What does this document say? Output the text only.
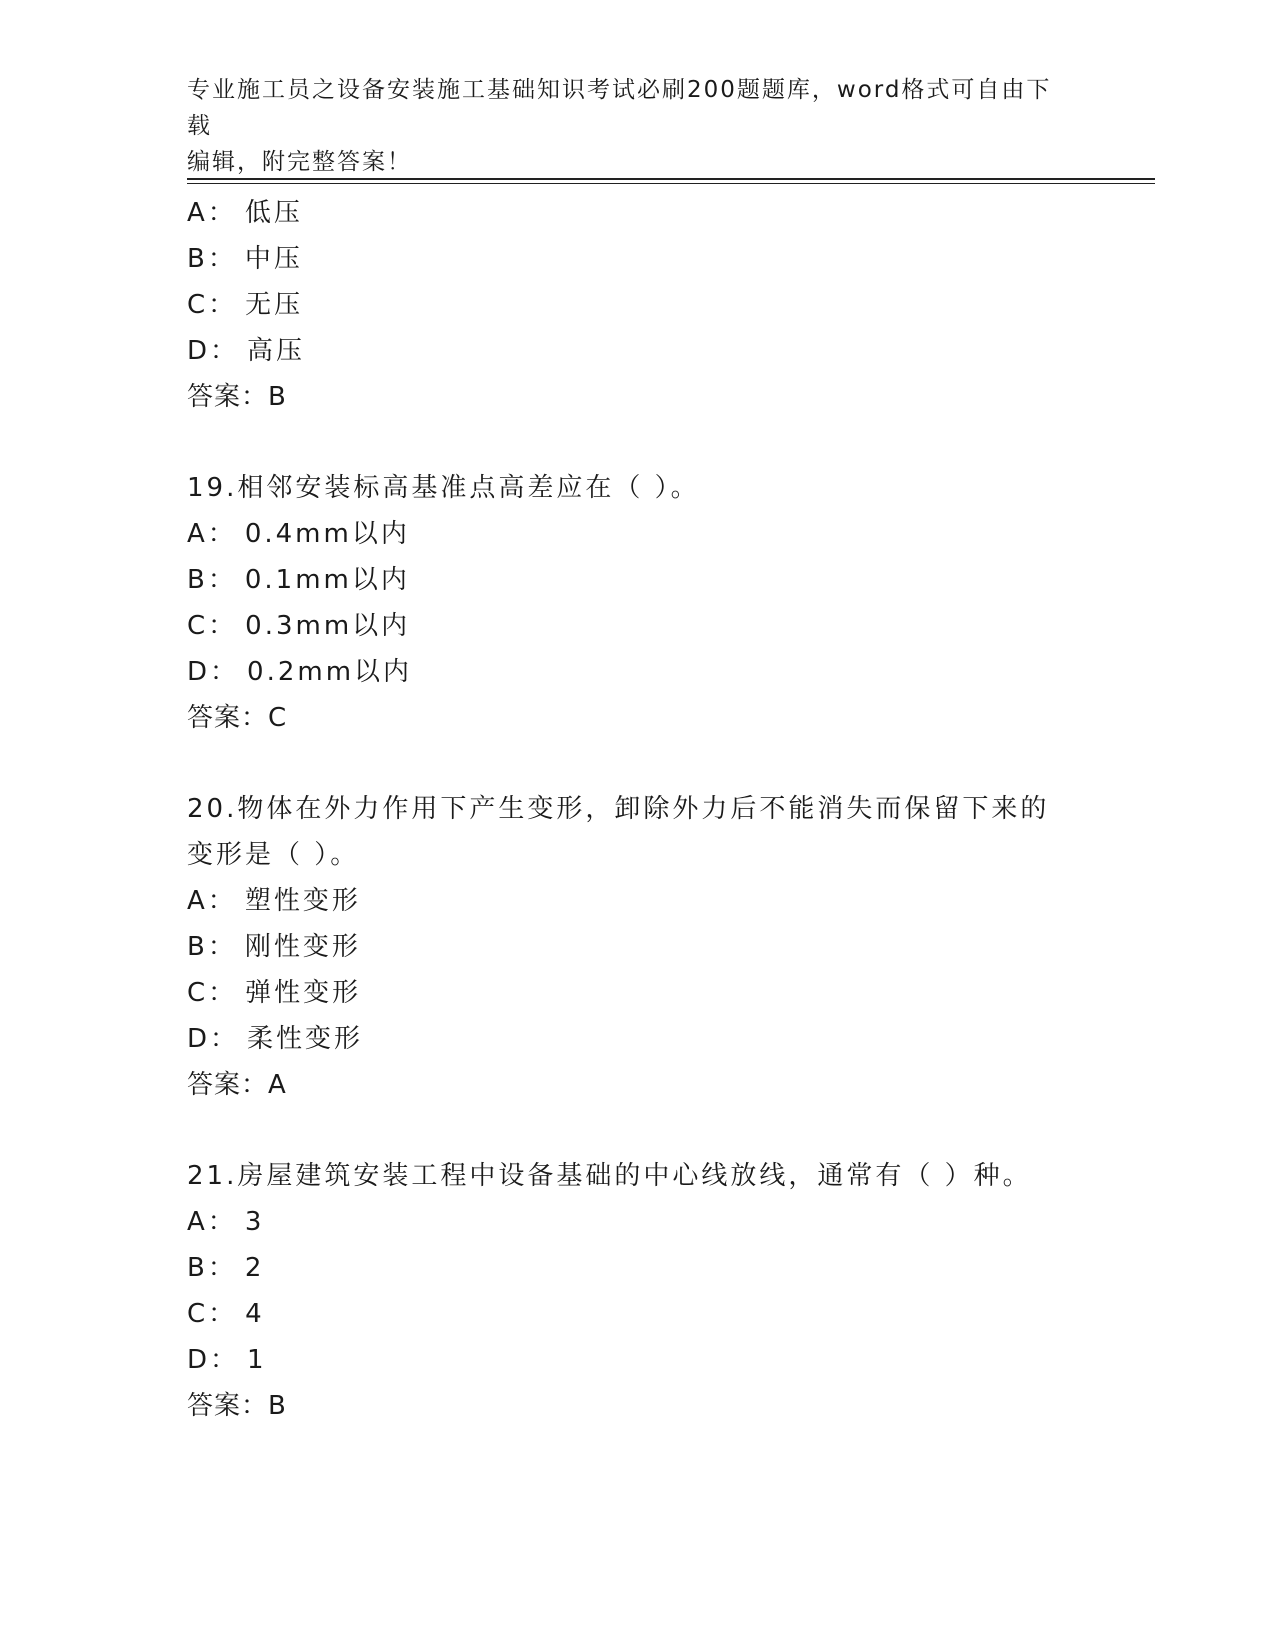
专业施工员之设备安装施工基础知识考试必刷200题题库，word格式可自由下载
编辑，附完整答案！
A： 低压
B： 中压
C： 无压
D： 高压
答案：B
19.相邻安装标高基准点高差应在（ ）。
A： 0.4mm以内
B： 0.1mm以内
C： 0.3mm以内
D： 0.2mm以内
答案：C
20.物体在外力作用下产生变形，卸除外力后不能消失而保留下来的变形是（ ）。
A： 塑性变形
B： 刚性变形
C： 弹性变形
D： 柔性变形
答案：A
21.房屋建筑安装工程中设备基础的中心线放线，通常有（ ）种。
A： 3
B： 2
C： 4
D： 1
答案：B
